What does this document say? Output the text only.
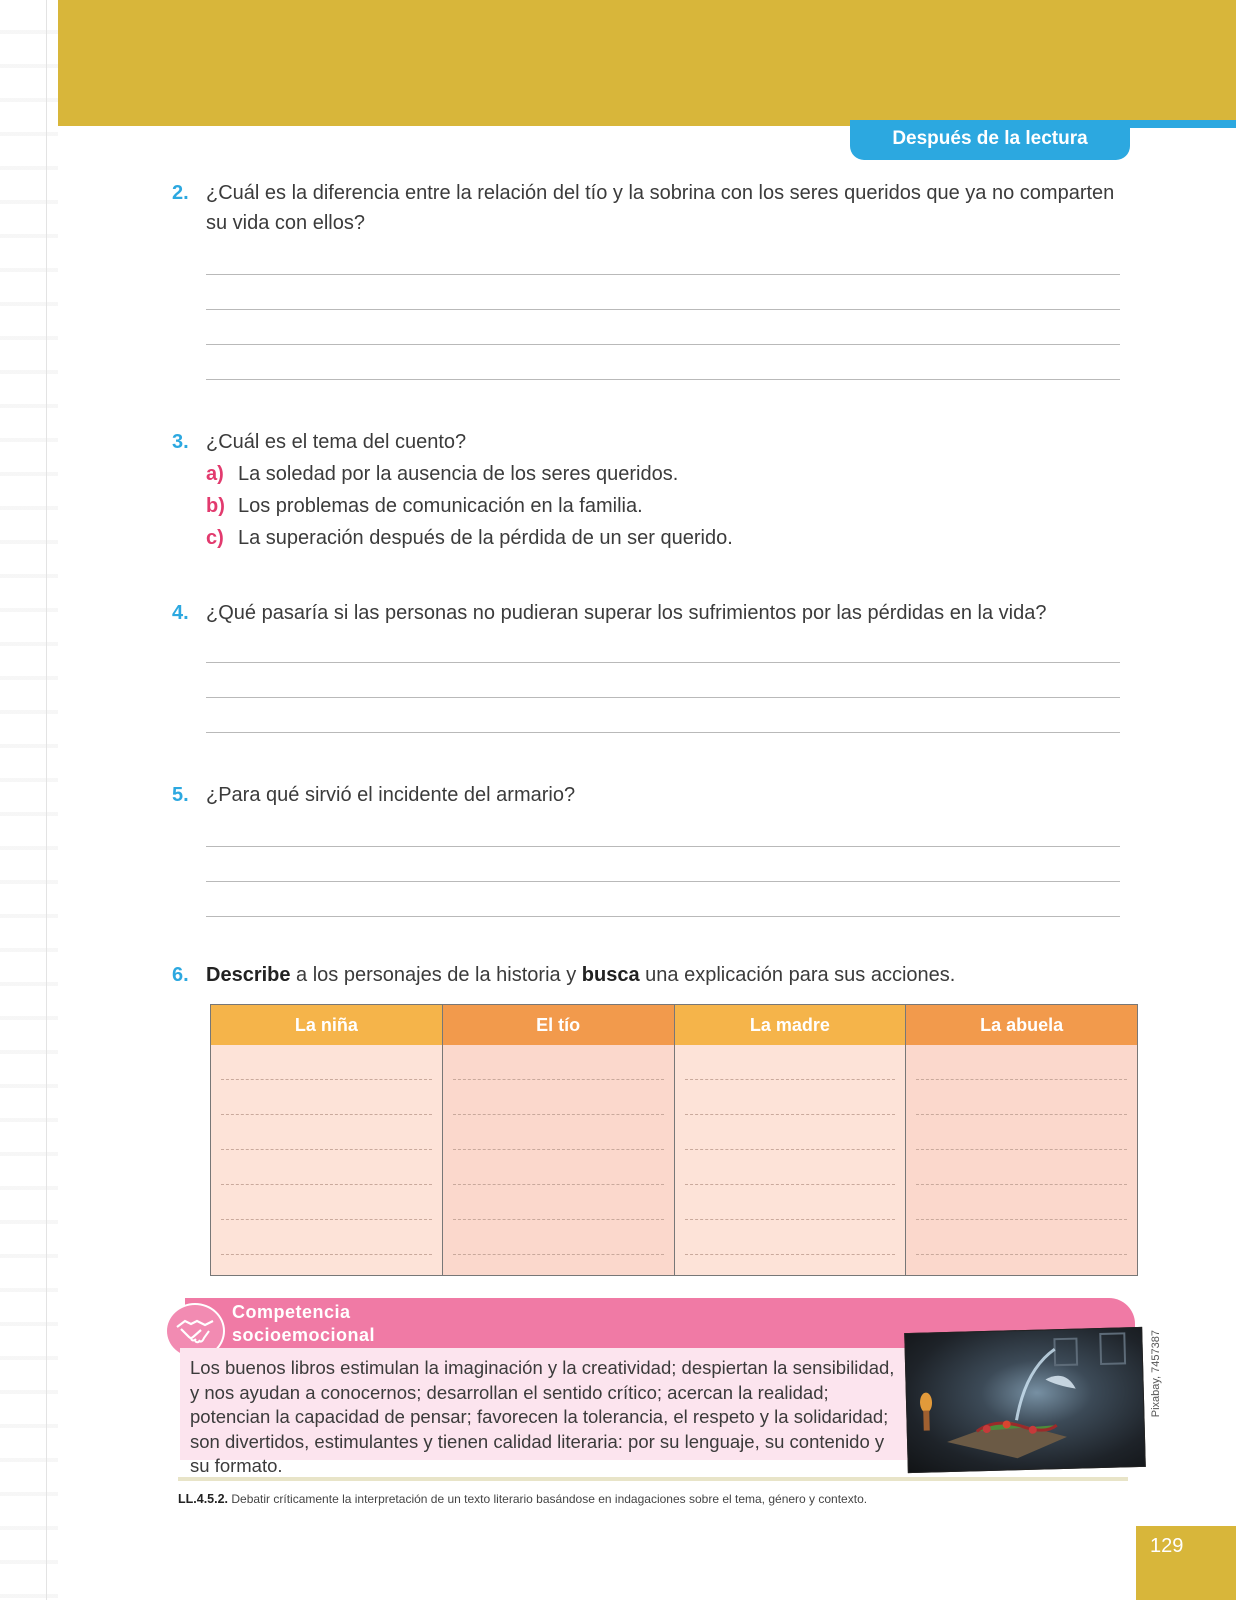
Después de la lectura
2. ¿Cuál es la diferencia entre la relación del tío y la sobrina con los seres queridos que ya no comparten su vida con ellos?
3. ¿Cuál es el tema del cuento?
a) La soledad por la ausencia de los seres queridos.
b) Los problemas de comunicación en la familia.
c) La superación después de la pérdida de un ser querido.
4. ¿Qué pasaría si las personas no pudieran superar los sufrimientos por las pérdidas en la vida?
5. ¿Para qué sirvió el incidente del armario?
6. Describe a los personajes de la historia y busca una explicación para sus acciones.
La niña	El tío	La madre	La abuela
Competencia
socioemocional
Los buenos libros estimulan la imaginación y la creatividad; despiertan la sensibilidad, y nos ayudan a conocernos; desarrollan el sentido crítico; acercan la realidad; potencian la capacidad de pensar; favorecen la tolerancia, el respeto y la solidaridad; son divertidos, estimulantes y tienen calidad literaria: por su lenguaje, su contenido y su formato.
Pixabay, 7457387
LL.4.5.2. Debatir críticamente la interpretación de un texto literario basándose en indagaciones sobre el tema, género y contexto.
129
